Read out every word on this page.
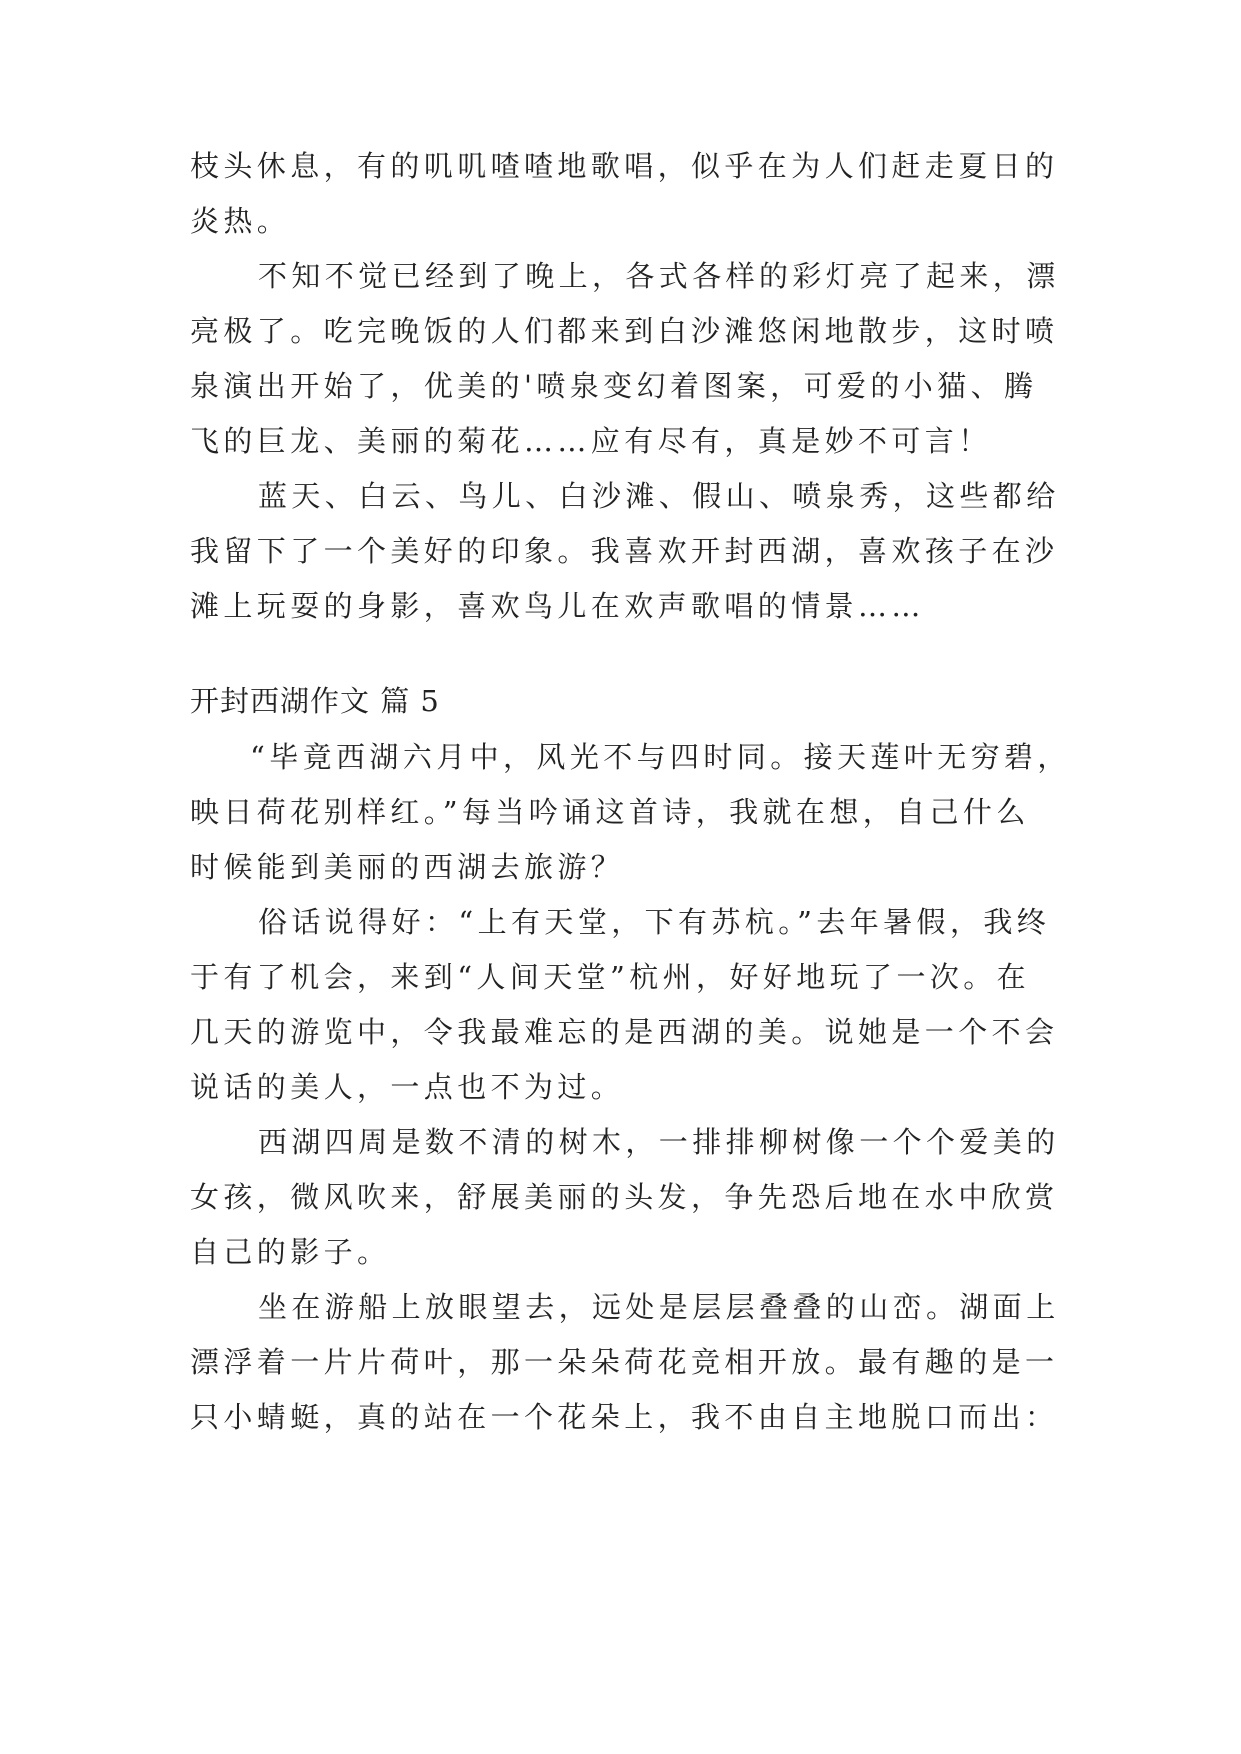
枝头休息，有的叽叽喳喳地歌唱，似乎在为人们赶走夏日的
炎热。
不知不觉已经到了晚上，各式各样的彩灯亮了起来，漂
亮极了。吃完晚饭的人们都来到白沙滩悠闲地散步，这时喷
泉演出开始了，优美的'喷泉变幻着图案，可爱的小猫、腾
飞的巨龙、美丽的菊花……应有尽有，真是妙不可言！
蓝天、白云、鸟儿、白沙滩、假山、喷泉秀，这些都给
我留下了一个美好的印象。我喜欢开封西湖，喜欢孩子在沙
滩上玩耍的身影，喜欢鸟儿在欢声歌唱的情景……
开封西湖作文 篇 5
“毕竟西湖六月中，风光不与四时同。接天莲叶无穷碧，
映日荷花别样红。”每当吟诵这首诗，我就在想，自己什么
时候能到美丽的西湖去旅游？
俗话说得好：“上有天堂，下有苏杭。”去年暑假，我终
于有了机会，来到“人间天堂”杭州，好好地玩了一次。在
几天的游览中，令我最难忘的是西湖的美。说她是一个不会
说话的美人，一点也不为过。
西湖四周是数不清的树木，一排排柳树像一个个爱美的
女孩，微风吹来，舒展美丽的头发，争先恐后地在水中欣赏
自己的影子。
坐在游船上放眼望去，远处是层层叠叠的山峦。湖面上
漂浮着一片片荷叶，那一朵朵荷花竞相开放。最有趣的是一
只小蜻蜓，真的站在一个花朵上，我不由自主地脱口而出：
